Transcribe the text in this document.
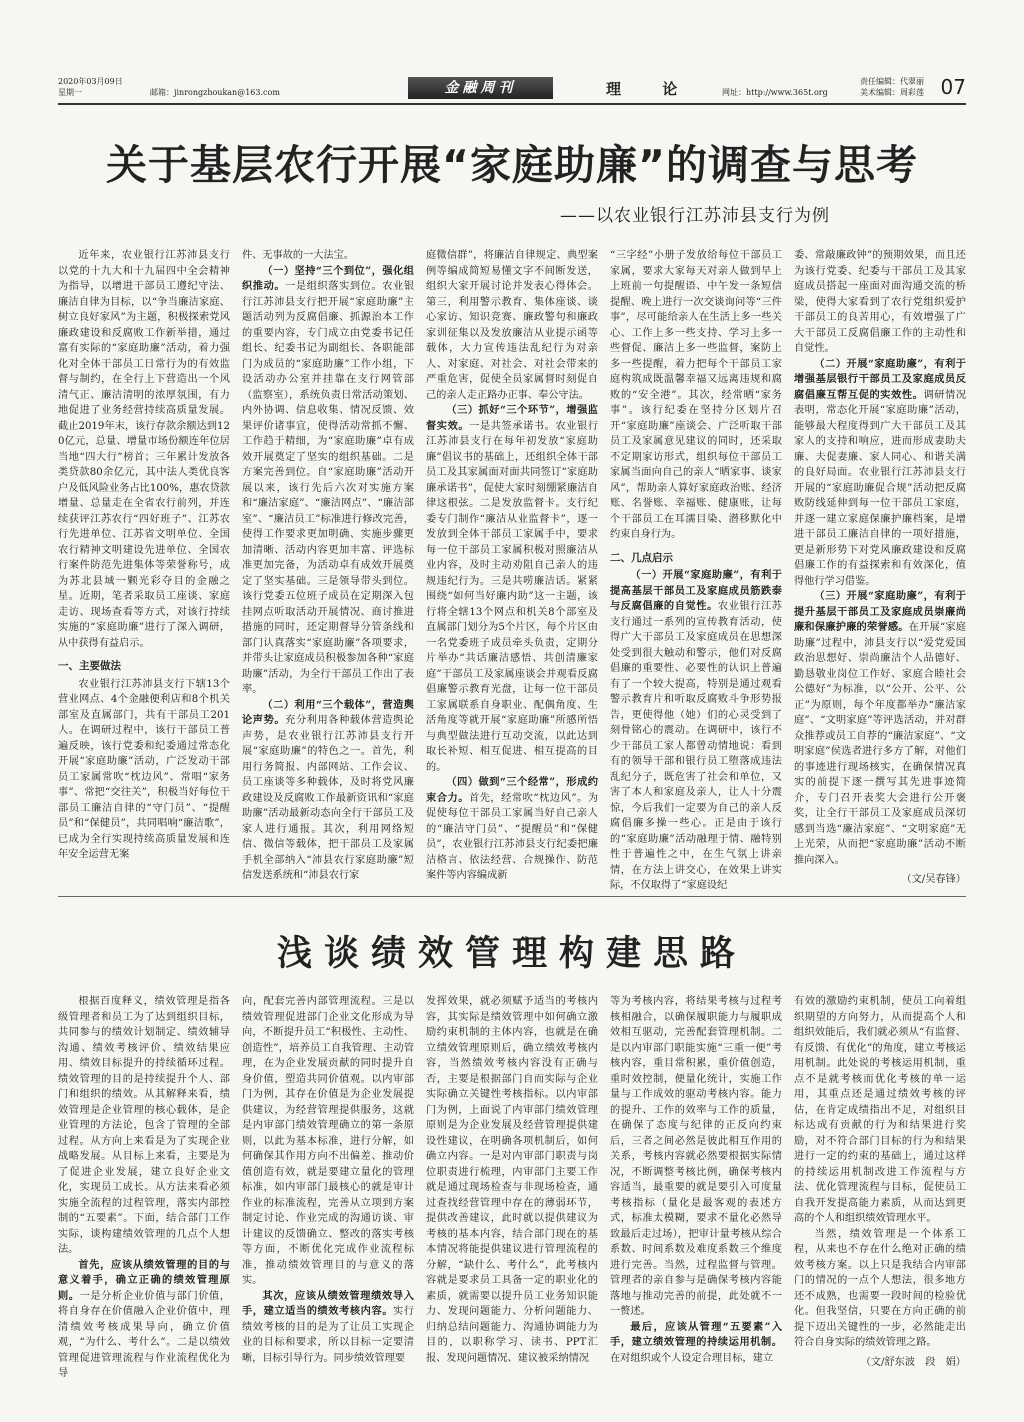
2020年03月09日
星期一	邮箱：jinrongzhoukan@163.com	金融周刊	理 论	网址：http://www.365t.org
责任编辑：代翠丽
美术编辑：周彩莲 07
关于基层农行开展“家庭助廉”的调查与思考
——以农业银行江苏沛县支行为例

近年来，农业银行江苏沛县支行以党的十九大和十九届四中全会精神为指导，以增进干部员工遵纪守法、廉洁自律为目标，以“争当廉洁家庭、树立良好家风”为主题，积极探索党风廉政建设和反腐败工作新举措，通过富有实际的“家庭助廉”活动，着力强化对全体干部员工日常行为的有效监督与制约，在全行上下营造出一个风清气正、廉洁清明的浓厚氛围，有力地促进了业务经营持续高质量发展。截止2019年末，该行存款余额达到120亿元，总量、增量市场份额连年位居当地“四大行”榜首；三年累计发放各类贷款80余亿元，其中法人类优良客户及低风险业务占比100%，惠农贷款增量、总量走在全省农行前列，并连续获评江苏农行“四好班子”、江苏农行先进单位、江苏省文明单位、全国农行精神文明建设先进单位、全国农行案件防范先进集体等荣誉称号，成为苏北县域一颗光彩夺目的金融之星。近期，笔者采取员工座谈、家庭走访、现场查看等方式，对该行持续实施的“家庭助廉”进行了深入调研，从中获得有益启示。

一、主要做法

农业银行江苏沛县支行下辖13个营业网点、4个金融便利店和8个机关部室及直属部门，共有干部员工201人。在调研过程中，该行干部员工普遍反映，该行党委和纪委通过常态化开展“家庭助廉”活动，广泛发动干部员工家属常吹“枕边风”、常唱“家务事”、常把“交往关”，积极当好每位干部员工廉洁自律的“守门员”、“提醒员”和“保健员”，共同唱响“廉洁歌”，已成为全行实现持续高质量发展和连年安全运营无案

件、无事故的一大法宝。

（一）坚持“三个到位”，强化组织推动。一是组织落实到位。农业银行江苏沛县支行把开展“家庭助廉”主题活动列为反腐倡廉、抓源治本工作的重要内容，专门成立由党委书记任组长、纪委书记为副组长、各职能部门为成员的“家庭助廉”工作小组，下设活动办公室并挂靠在支行网管部（监察室），系统负责日常活动策划、内外协调、信息收集、情况反馈、效果评价诸事宜，使得活动常抓不懈、工作趋于精细，为“家庭助廉”卓有成效开展奠定了坚实的组织基础。二是方案完善到位。自“家庭助廉”活动开展以来，该行先后六次对实施方案和“廉洁家庭”、“廉洁网点”、“廉洁部室”、“廉洁员工”标准进行修改完善，使得工作要求更加明确、实施步骤更加清晰、活动内容更加丰富、评选标准更加完备，为活动卓有成效开展奠定了坚实基础。三是领导带头到位。该行党委五位班子成员在定期深入包挂网点听取活动开展情况、商讨推进措施的同时，还定期督导分管条线和部门认真落实“家庭助廉”各项要求，并带头让家庭成员积极参加各种“家庭助廉”活动，为全行干部员工作出了表率。

（二）利用“三个载体”，营造舆论声势。充分利用各种载体营造舆论声势，是农业银行江苏沛县支行开展“家庭助廉”的特色之一。首先，利用行务简报、内部网站、工作会议、员工座谈等多种载体，及时将党风廉政建设及反腐败工作最新资讯和“家庭助廉”活动最新动态向全行干部员工及家人进行通报。其次，利用网络短信、微信等载体，把干部员工及家属手机全部纳入“沛县农行家庭助廉”短信发送系统和“沛县农行家

庭微信群”，将廉洁自律规定、典型案例等编成简短易懂文字不间断发送，组织大家开展讨论并发表心得体会。第三，利用警示教育、集体座谈、谈心家访、知识竞赛、廉政警句和廉政家训征集以及发放廉洁从业提示函等载体，大力宣传违法乱纪行为对亲人、对家庭、对社会、对社会带来的严重危害，促使全员家属督时刻促自己的亲人走正路办正事、奉公守法。

（三）抓好“三个环节”，增强监督实效。一是共签承诺书。农业银行江苏沛县支行在每年初发放“家庭助廉”倡议书的基础上，还组织全体干部员工及其家属面对面共同签订“家庭助廉承诺书”，促使大家时刻绷紧廉洁自律这根弦。二是发放监督卡。支行纪委专门制作“廉洁从业监督卡”，逐一发放到全体干部员工家属手中，要求每一位干部员工家属积极对照廉洁从业内容，及时主动劝阻自己亲人的违规违纪行为。三是共唠廉洁话。紧紧围绕“如何当好廉内助”这一主题，该行将全辖13个网点和机关8个部室及直属部门划分为5个片区，每个片区由一名党委班子成员牵头负责，定期分片举办“共话廉洁感悟、共创清廉家庭”干部员工及家属座谈会并观看反腐倡廉警示教育光盘，让每一位干部员工家属联系自身职业、配偶角度、生活角度等就开展“家庭助廉”所感所悟与典型做法进行互动交流，以此达到取长补短、相互促进、相互提高的目的。

（四）做到“三个经常”，形成约束合力。首先，经常吹“枕边风”。为促使每位干部员工家属当好自己亲人的“廉洁守门员”、“提醒员”和“保健员”，农业银行江苏沛县支行纪委把廉洁格言、依法经营、合规操作、防范案件等内容编成新

“三字经”小册子发放给每位干部员工家属，要求大家每天对亲人做到早上上班前一句提醒语、中午发一条短信提醒、晚上进行一次交谈询问等“三件事”，尽可能给亲人在生活上多一些关心、工作上多一些支持、学习上多一些督促、廉洁上多一些监督，案防上多一些提醒，着力把每个干部员工家庭构筑成既温馨幸福又远离违规和腐败的“安全港”。其次，经常晒“家务事”。该行纪委在坚持分区划片召开“家庭助廉”座谈会、广泛听取干部员工及家属意见建议的同时，还采取不定期家访形式，组织每位干部员工家属当面向自己的亲人“晒家事、谈家风”，帮助亲人算好家庭政治账、经济账、名誉账、幸福账、健康账，让每个干部员工在耳濡目染、潜移默化中约束自身行为。

二、几点启示

（一）开展“家庭助廉”，有利于提高基层干部员工及家庭成员筋跌泰与反腐倡廉的自觉性。农业银行江苏支行通过一系列的宣传教育活动，使得广大干部员工及家庭成员在思想深处受到很大触动和警示，他们对反腐倡廉的重要性、必要性的认识上普遍有了一个较大提高，特别是通过观看警示教育片和听取反腐败斗争形势报告，更使得他（她）们的心灵受到了刻骨铭心的震动。在调研中，该行不少干部员工家人都曾动情地说：看到有的领导干部和银行员工堕落成违法乱纪分子，既危害了社会和单位，又害了本人和家庭及亲人，让人十分震惊，今后我们一定要为自己的亲人反腐倡廉多操一些心。正是由于该行的“家庭助廉”活动融理于情、融特别性于普遍性之中，在生气氛上讲亲情，在方法上讲交心，在效果上讲实际，不仅取得了“家庭设纪

委、常敲廉政钟”的预期效果，而且还为该行党委、纪委与干部员工及其家庭成员搭起一座面对面沟通交流的桥梁，使得大家看到了农行党组织爱护干部员工的良苦用心，有效增强了广大干部员工反腐倡廉工作的主动性和自觉性。

（二）开展“家庭助廉”，有利于增强基层银行干部员工及家庭成员反腐倡廉互帮互促的实效性。调研情况表明，常态化开展“家庭助廉”活动，能够最大程度得到广大干部员工及其家人的支持和响应，进而形成妻助夫廉、夫促妻廉、家人同心、和谐关满的良好局面。农业银行江苏沛县支行开展的“家庭助廉促合规”活动把反腐败防线延伸到每一位干部员工家庭，并逐一建立家庭保廉护廉档案，是增进干部员工廉洁自律的一项好措施，更是新形势下对党风廉政建设和反腐倡廉工作的有益探索和有效深化，值得他行学习借鉴。

（三）开展“家庭助廉”，有利于提升基层干部员工及家庭成员崇廉尚廉和保廉护廉的荣誉感。在开展“家庭助廉”过程中，沛县支行以“爱党爱国政治思想好、崇尚廉洁个人品德好、勤恳敬业岗位工作好、家庭合睦社会公德好”为标准，以“公开、公平、公正”为原则，每个年度都举办“廉洁家庭”、“文明家庭”等评选活动，并对群众推荐或员工自荐的“廉洁家庭”、“文明家庭”侯选者进行多方了解，对他们的事迹进行现场核实，在确保情况真实的前提下逐一撰写其先进事迹简介，专门召开表奖大会进行公开褒奖，让全行干部员工及家庭成员深切感到当选“廉洁家庭”、“文明家庭”无上光荣，从而把“家庭助廉”活动不断推向深入。

（文/吴春锋）
浅谈绩效管理构建思路

根据百度释义，绩效管理是指各级管理者和员工为了达到组织目标，共同参与的绩效计划制定、绩效辅导沟通、绩效考核评价、绩效结果应用、绩效目标提升的持续循环过程。绩效管理的目的是持续提升个人、部门和组织的绩效。从其解释来看，绩效管理是企业管理的核心载体，是企业管理的方法论，包含了管理的全部过程。从方向上来看是为了实现企业战略发展。从目标上来看，主要是为了促进企业发展，建立良好企业文化，实现员工成长。从方法来看必须实施全流程的过程管理，落实内部控制的“五要素”。下面，结合部门工作实际，谈构建绩效管理的几点个人想法。

首先，应该从绩效管理的目的与意义着手，确立正确的绩效管理原则。一是分析企业价值与部门价值，将自身存在价值融入企业价值中，理清绩效考核成果导向，确立价值观，“为什么、考什么”。二是以绩效管理促进管理流程与作业流程优化为导

向，配套完善内部管理流程。三是以绩效管理促进部门企业文化形成为导向，不断提升员工“积极性、主动性、创造性”，培养员工自我管理、主动管理，在为企业发展贡献的同时提升自身价值，塑造共同价值观。以内审部门为例，其存在价值是为企业发展提供建议，为经营管理提供服务，这就是内审部门绩效管理确立的第一条原则，以此为基本标准，进行分解，如何确保其作用方向不出偏差、推动价值创造有效，就是要建立量化的管理标准，如内审部门最核心的就是审计作业的标准流程，完善从立项到方案制定讨论、作业完成的沟通访谈、审计建议的反馈确立、整改的落实考核等方面，不断优化完成作业流程标准，推动绩效管理目的与意义的落实。

其次，应该从绩效管理绩效导入手，建立适当的绩效考核内容。实行绩效考核的目的是为了让员工实现企业的目标和要求，所以目标一定要清晰，目标引导行为。同步绩效管理要

发挥效果，就必须赋予适当的考核内容，其实际是绩效管理中如何确立激励约束机制的主体内容，也就是在确立绩效管理原则后，确立绩效考核内容，当然绩效考核内容没有正确与否，主要是根据部门自而实际与企业实际确立关键性考核指标。以内审部门为例，上面说了内审部门绩效管理原则是为企业发展及经营管理提供建设性建议，在明确各项机制后，如何确立内容。一是对内审部门职责与岗位职责进行梳理，内审部门主要工作就是通过现场检查与非现场检查，通过查找经营管理中存在的薄弱环节，提供改善建议，此时就以提供建议为考核的基本内容，结合部门现在的基本情况将能提供建议进行管理流程的分解，“缺什么、考什么”，此考核内容就是要求员工具备一定的职业化的素质，就需要以提升员工业务知识能力、发现问题能力、分析问题能力、归纳总结问题能力、沟通协调能力为目的，以职称学习、读书、PPT汇报、发现问题情况、建议被采纳情况

等为考核内容，将结果考核与过程考核相融合，以确保履职能力与履职成效相互驱动，完善配套管理机制。二是以内审部门职能实施“三重一便”考核内容，重目常积累，重价值创造，重时效控制，便量化统计，实施工作量与工作成效的驱动考核内容。能力的提升、工作的效率与工作的质量，在确保了态度与纪律的正反向约束后，三者之间必然是彼此相互作用的关系，考核内容就必然要根据实际情况，不断调整考核比例，确保考核内容适当，最重要的就是要引入可度量考核指标（量化是最客观的表述方式，标准太模糊，要求不量化必然导致最后走过场），把审计量考核从综合系数、时间系数及难度系数三个维度进行完善。当然，过程监督与管理。管理者的亲自参与是确保考核内容能落地与推动完善的前提，此处就不一一赘述。

最后，应该从管理“五要素”入手，建立绩效管理的持续运用机制。在对组织或个人设定合理目标，建立

有效的激励约束机制，使员工向着组织期望的方向努力，从而提高个人和组织效能后，我们就必须从“有监督、有反馈、有优化”的角度，建立考核运用机制。此处说的考核运用机制，重点不是就考核而优化考核的单一运用，其重点还是通过绩效考核的评估，在肯定成绩指出不足，对组织目标达成有贡献的行为和结果进行奖励，对不符合部门目标的行为和结果进行一定的约束的基础上，通过这样的持续运用机制改进工作流程与方法、优化管理流程与目标，促使员工自我开发提高能力素质，从而达到更高的个人和组织绩效管理水平。

当然，绩效管理是一个体系工程，从来也不存在什么绝对正确的绩效考核方案。以上只是我结合内审部门的情况的一点个人想法，很多地方还不成熟，也需要一段时间的检验优化。但我坚信，只要在方向正确的前提下迈出关键性的一步，必然能走出符合自身实际的绩效管理之路。

（文/舒东波　段　娟）
